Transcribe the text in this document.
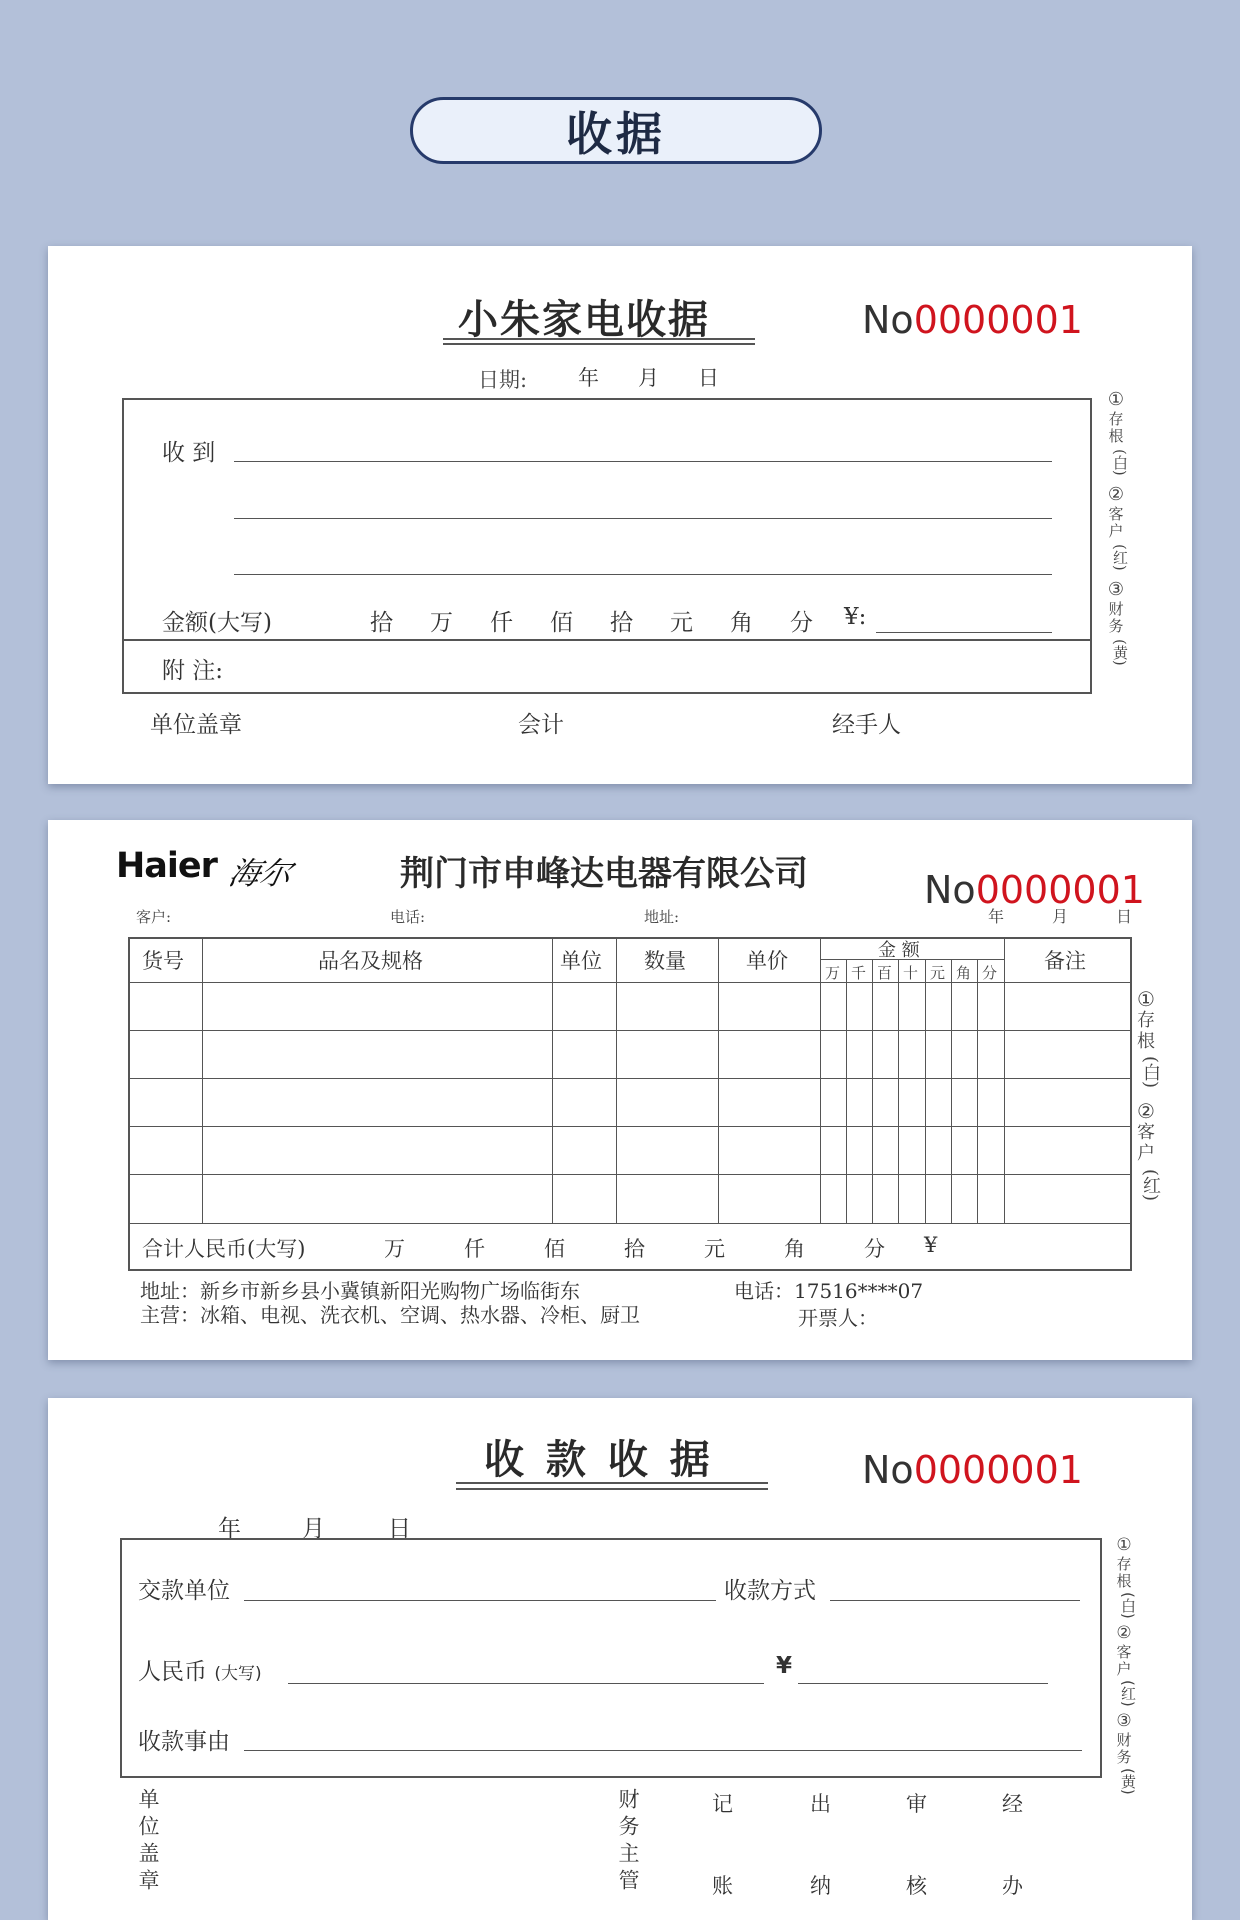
收据
小朱家电收据	No0000001
日期: 年 月 日
收 到
金额(大写)	拾 万 仟 佰 拾 元 角 分 ¥:
附 注:
单位盖章	会计	经手人
①
存
根
(白)
②
客
户
(红)
③
财
务
(黄)
Haier 海尔	荆门市申峰达电器有限公司	No0000001
客户:	电话:	地址:	年	月	日
货号	品名及规格	单位 数量	单价	金 额	备注
万 千 百 十 元 角 分
合计人民币(大写)	万	仟	佰	拾	元	角	分 ¥
地址：新乡市新乡县小冀镇新阳光购物广场临街东	电话：17516****07
主营：冰箱、电视、洗衣机、空调、热水器、冷柜、厨卫	开票人：
①
存
根
(白)
②
客
户
(红)
收 款 收 据	No0000001
年	月	日
交款单位	收款方式
人民币 (大写)	¥
收款事由
单位盖章	财务主管	记	出	审	经
账	纳	核	办
①
存
根
(白)
②
客
户
(红)
③
财
务
(黄)
